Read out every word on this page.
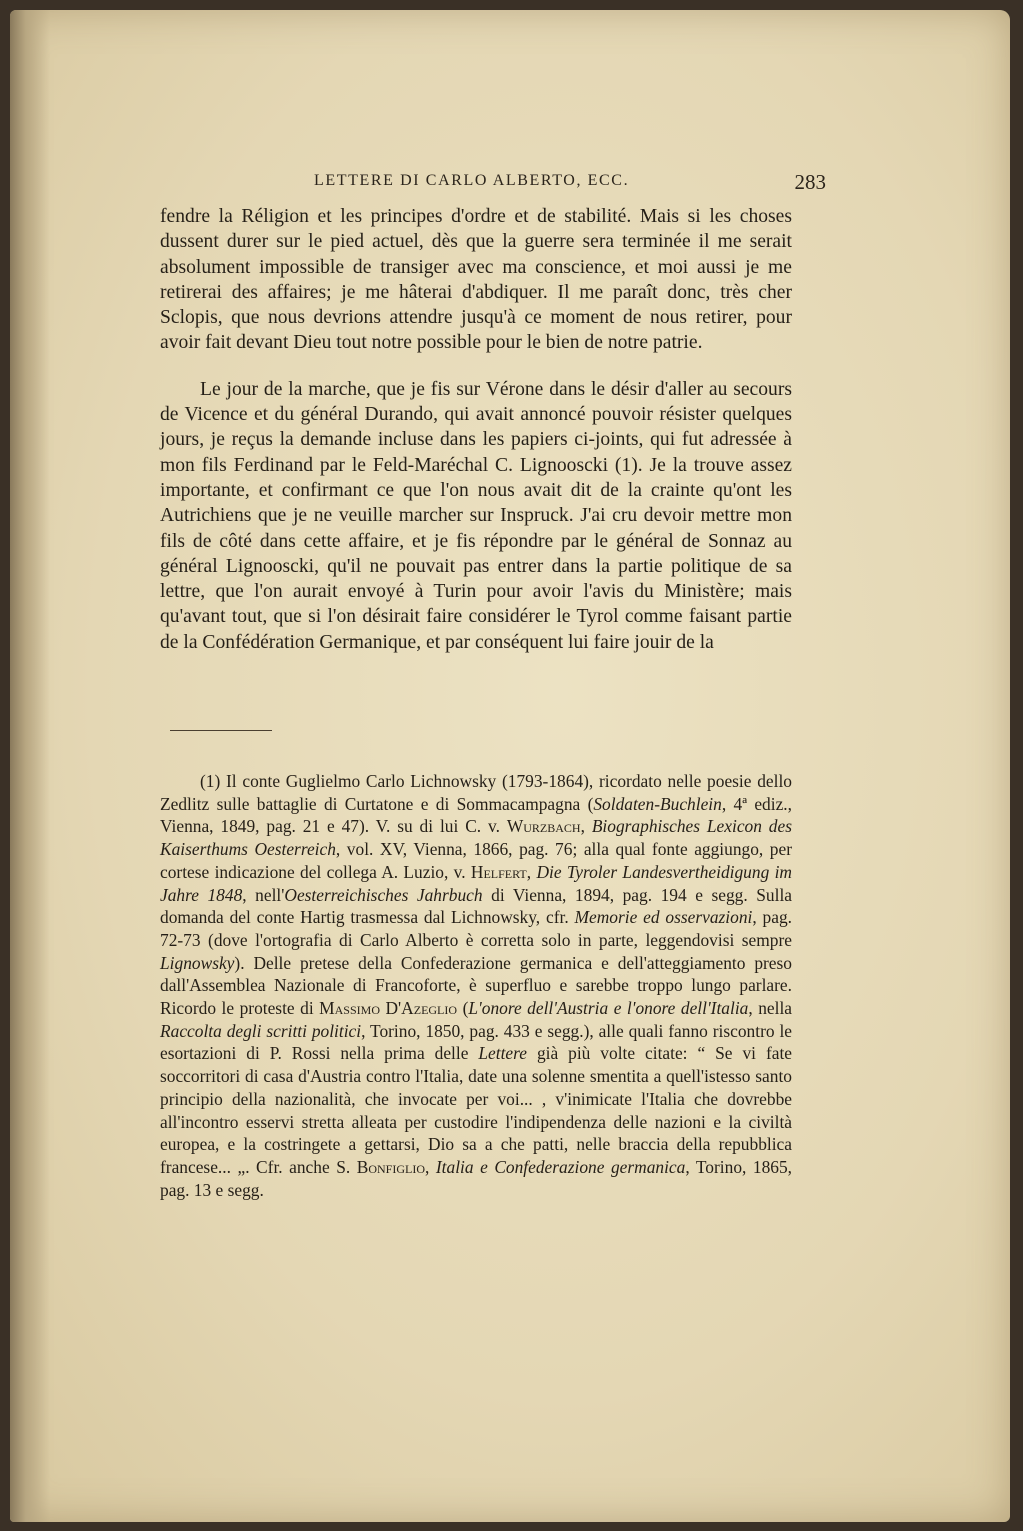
LETTERE DI CARLO ALBERTO, ECC.	283

fendre la Réligion et les principes d'ordre et de stabilité. Mais si les choses dussent durer sur le pied actuel, dès que la guerre sera terminée il me serait absolument impossible de transiger avec ma conscience, et moi aussi je me retirerai des affaires; je me hâterai d'abdiquer. Il me paraît donc, très cher Sclopis, que nous devrions attendre jusqu'à ce moment de nous retirer, pour avoir fait devant Dieu tout notre possible pour le bien de notre patrie.

Le jour de la marche, que je fis sur Vérone dans le désir d'aller au secours de Vicence et du général Durando, qui avait annoncé pouvoir résister quelques jours, je reçus la demande incluse dans les papiers ci-joints, qui fut adressée à mon fils Ferdinand par le Feld-Maréchal C. Lignooscki (1). Je la trouve assez importante, et confirmant ce que l'on nous avait dit de la crainte qu'ont les Autrichiens que je ne veuille marcher sur Inspruck. J'ai cru devoir mettre mon fils de côté dans cette affaire, et je fis répondre par le général de Sonnaz au général Lignooscki, qu'il ne pouvait pas entrer dans la partie politique de sa lettre, que l'on aurait envoyé à Turin pour avoir l'avis du Ministère; mais qu'avant tout, que si l'on désirait faire considérer le Tyrol comme faisant partie de la Confédération Germanique, et par conséquent lui faire jouir de la

(1) Il conte Guglielmo Carlo Lichnowsky (1793-1864), ricordato nelle poesie dello Zedlitz sulle battaglie di Curtatone e di Sommacampagna (Soldaten-Buchlein, 4ª ediz., Vienna, 1849, pag. 21 e 47). V. su di lui C. v. Wurzbach, Biographisches Lexicon des Kaiserthums Oesterreich, vol. XV, Vienna, 1866, pag. 76; alla qual fonte aggiungo, per cortese indicazione del collega A. Luzio, v. Helfert, Die Tyroler Landesvertheidigung im Jahre 1848, nell'Oesterreichisches Jahrbuch di Vienna, 1894, pag. 194 e segg. Sulla domanda del conte Hartig trasmessa dal Lichnowsky, cfr. Memorie ed osservazioni, pag. 72-73 (dove l'ortografia di Carlo Alberto è corretta solo in parte, leggendovisi sempre Lignowsky). Delle pretese della Confederazione germanica e dell'atteggiamento preso dall'Assemblea Nazionale di Francoforte, è superfluo e sarebbe troppo lungo parlare. Ricordo le proteste di Massimo D'Azeglio (L'onore dell'Austria e l'onore dell'Italia, nella Raccolta degli scritti politici, Torino, 1850, pag. 433 e segg.), alle quali fanno riscontro le esortazioni di P. Rossi nella prima delle Lettere già più volte citate: “ Se vi fate soccorritori di casa d'Austria contro l'Italia, date una solenne smentita a quell'istesso santo principio della nazionalità, che invocate per voi... , v'inimicate l'Italia che dovrebbe all'incontro esservi stretta alleata per custodire l'indipendenza delle nazioni e la civiltà europea, e la costringete a gettarsi, Dio sa a che patti, nelle braccia della repubblica francese... „. Cfr. anche S. Bonfiglio, Italia e Confederazione germanica, Torino, 1865, pag. 13 e segg.
